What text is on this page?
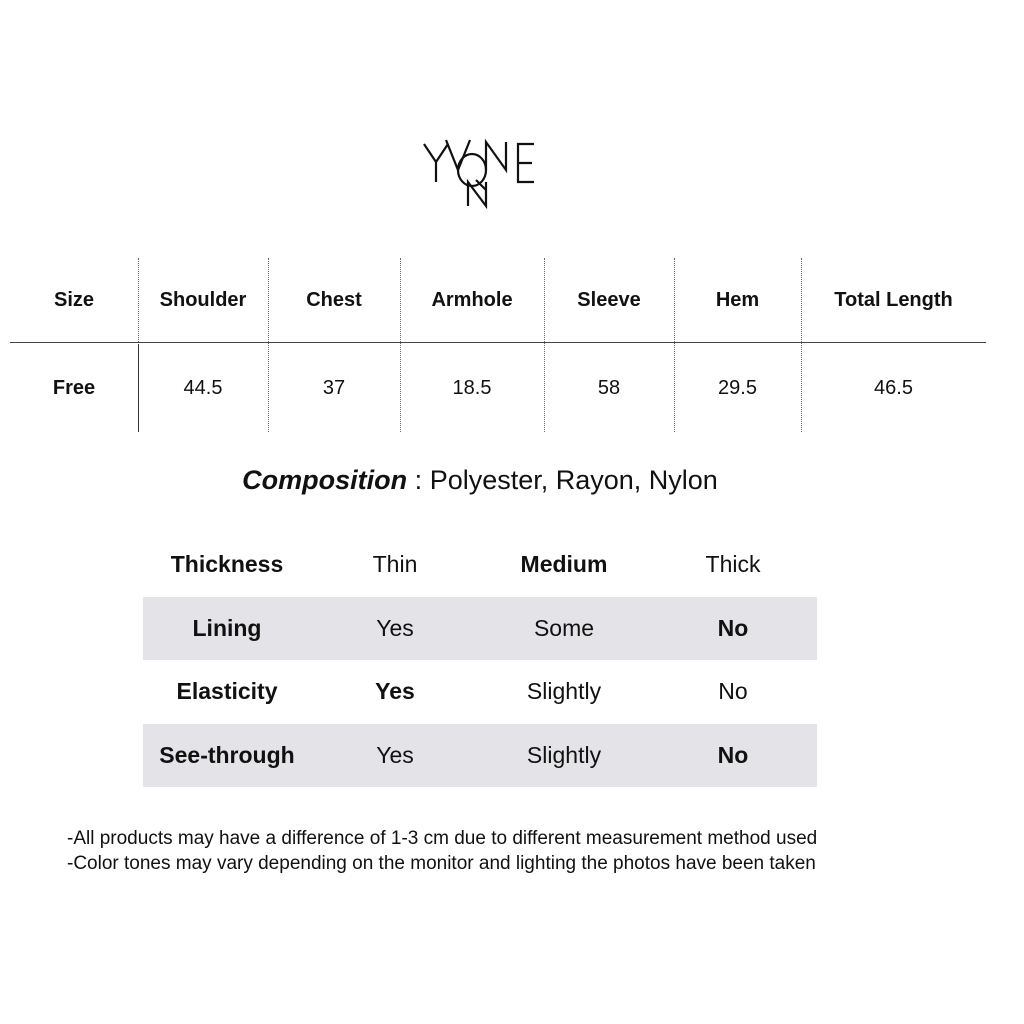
Size	Shoulder	Chest	Armhole	Sleeve	Hem	Total Length
Free	44.5	37	18.5	58	29.5	46.5
Composition : Polyester, Rayon, Nylon
Thickness	Thin	Medium	Thick
Lining	Yes	Some	No
Elasticity	Yes	Slightly	No
See-through	Yes	Slightly	No
-All products may have a difference of 1-3 cm due to different measurement method used
-Color tones may vary depending on the monitor and lighting the photos have been taken
